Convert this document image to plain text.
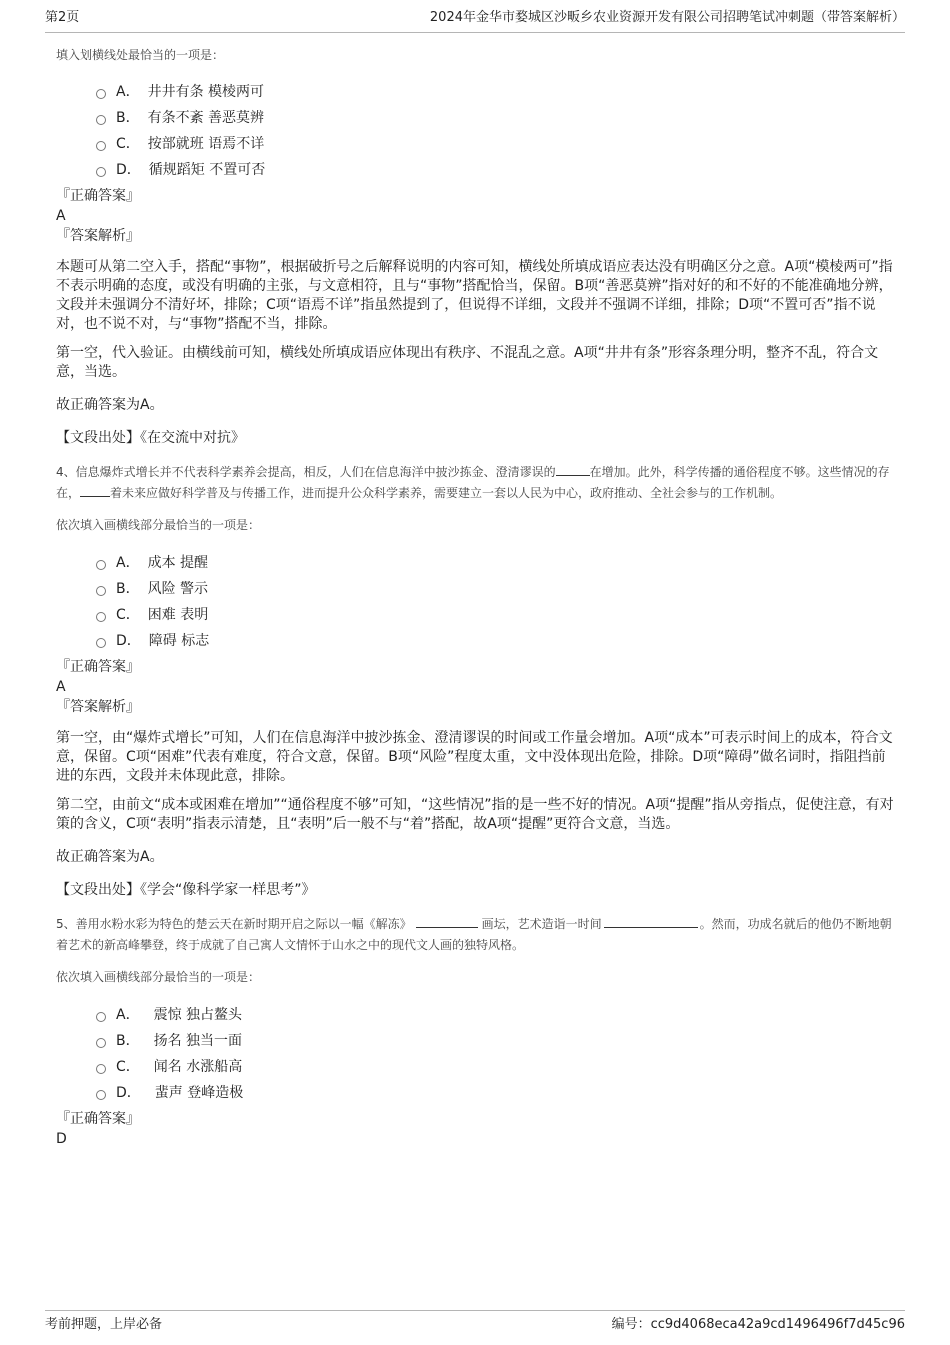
第2页	2024年金华市婺城区沙畈乡农业资源开发有限公司招聘笔试冲刺题（带答案解析）
填入划横线处最恰当的一项是：
A． 井井有条 模棱两可
B． 有条不紊 善恶莫辨
C． 按部就班 语焉不详
D． 循规蹈矩 不置可否
『正确答案』
A
『答案解析』

本题可从第二空入手，搭配“事物”，根据破折号之后解释说明的内容可知，横线处所填成语应表达没有明确区分之意。A项“模棱两可”指不表示明确的态度，或没有明确的主张，与文意相符，且与“事物”搭配恰当，保留。B项“善恶莫辨”指对好的和不好的不能准确地分辨，文段并未强调分不清好坏，排除；C项“语焉不详”指虽然提到了，但说得不详细，文段并不强调不详细，排除；D项“不置可否”指不说对，也不说不对，与“事物”搭配不当，排除。

第一空，代入验证。由横线前可知，横线处所填成语应体现出有秩序、不混乱之意。A项“井井有条”形容条理分明，整齐不乱，符合文意，当选。

故正确答案为A。

【文段出处】《在交流中对抗》

4、信息爆炸式增长并不代表科学素养会提高，相反，人们在信息海洋中披沙拣金、澄清谬误的	在增加。此外，科学传播的通俗程度不够。这些情况的存在，	着未来应做好科学普及与传播工作，进而提升公众科学素养，需要建立一套以人民为中心，政府推动、全社会参与的工作机制。

依次填入画横线部分最恰当的一项是：
A． 成本 提醒
B． 风险 警示
C． 困难 表明
D． 障碍 标志
『正确答案』
A
『答案解析』

第一空，由“爆炸式增长”可知，人们在信息海洋中披沙拣金、澄清谬误的时间或工作量会增加。A项“成本”可表示时间上的成本，符合文意，保留。C项“困难”代表有难度，符合文意，保留。B项“风险”程度太重，文中没体现出危险，排除。D项“障碍”做名词时，指阻挡前进的东西，文段并未体现此意，排除。

第二空，由前文“成本或困难在增加”“通俗程度不够”可知，“这些情况”指的是一些不好的情况。A项“提醒”指从旁指点，促使注意，有对策的含义，C项“表明”指表示清楚，且“表明”后一般不与“着”搭配，故A项“提醒”更符合文意，当选。

故正确答案为A。

【文段出处】《学会“像科学家一样思考”》

5、善用水粉水彩为特色的楚云天在新时期开启之际以一幅《解冻》	画坛，艺术造诣一时间	。然而，功成名就后的他仍不断地朝着艺术的新高峰攀登，终于成就了自己寓人文情怀于山水之中的现代文人画的独特风格。

依次填入画横线部分最恰当的一项是：
A． 震惊 独占鳌头
B． 扬名 独当一面
C． 闻名 水涨船高
D． 蜚声 登峰造极
『正确答案』
D
考前押题，上岸必备	编号：cc9d4068eca42a9cd1496496f7d45c96
